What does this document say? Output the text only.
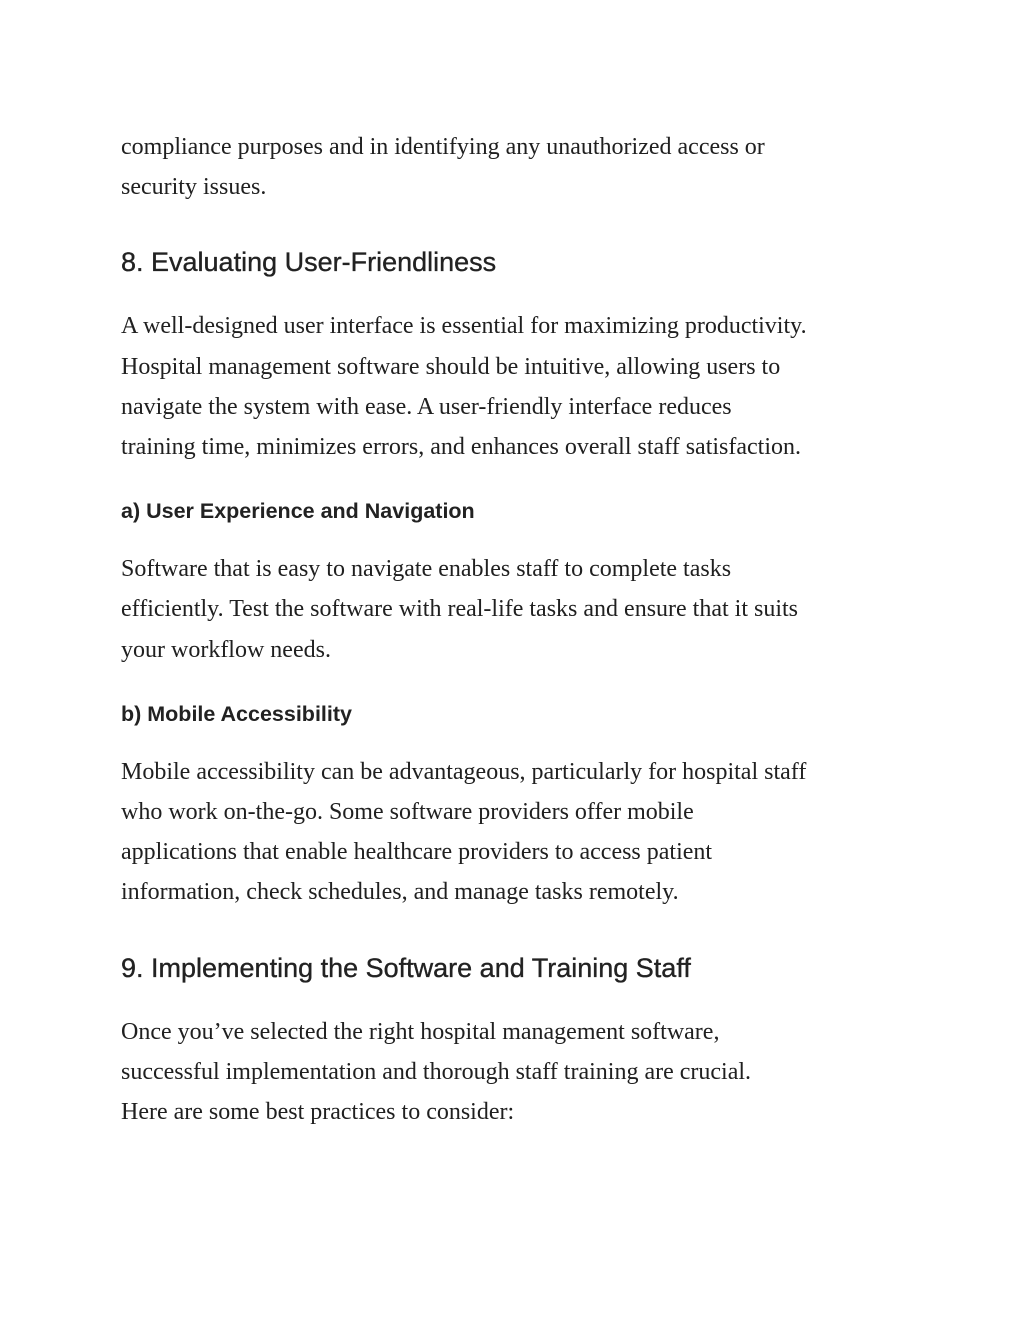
compliance purposes and in identifying any unauthorized access or
security issues.

8. Evaluating User-Friendliness

A well-designed user interface is essential for maximizing productivity.
Hospital management software should be intuitive, allowing users to
navigate the system with ease. A user-friendly interface reduces
training time, minimizes errors, and enhances overall staff satisfaction.

a) User Experience and Navigation

Software that is easy to navigate enables staff to complete tasks
efficiently. Test the software with real-life tasks and ensure that it suits
your workflow needs.

b) Mobile Accessibility

Mobile accessibility can be advantageous, particularly for hospital staff
who work on-the-go. Some software providers offer mobile
applications that enable healthcare providers to access patient
information, check schedules, and manage tasks remotely.

9. Implementing the Software and Training Staff

Once you’ve selected the right hospital management software,
successful implementation and thorough staff training are crucial.
Here are some best practices to consider:
